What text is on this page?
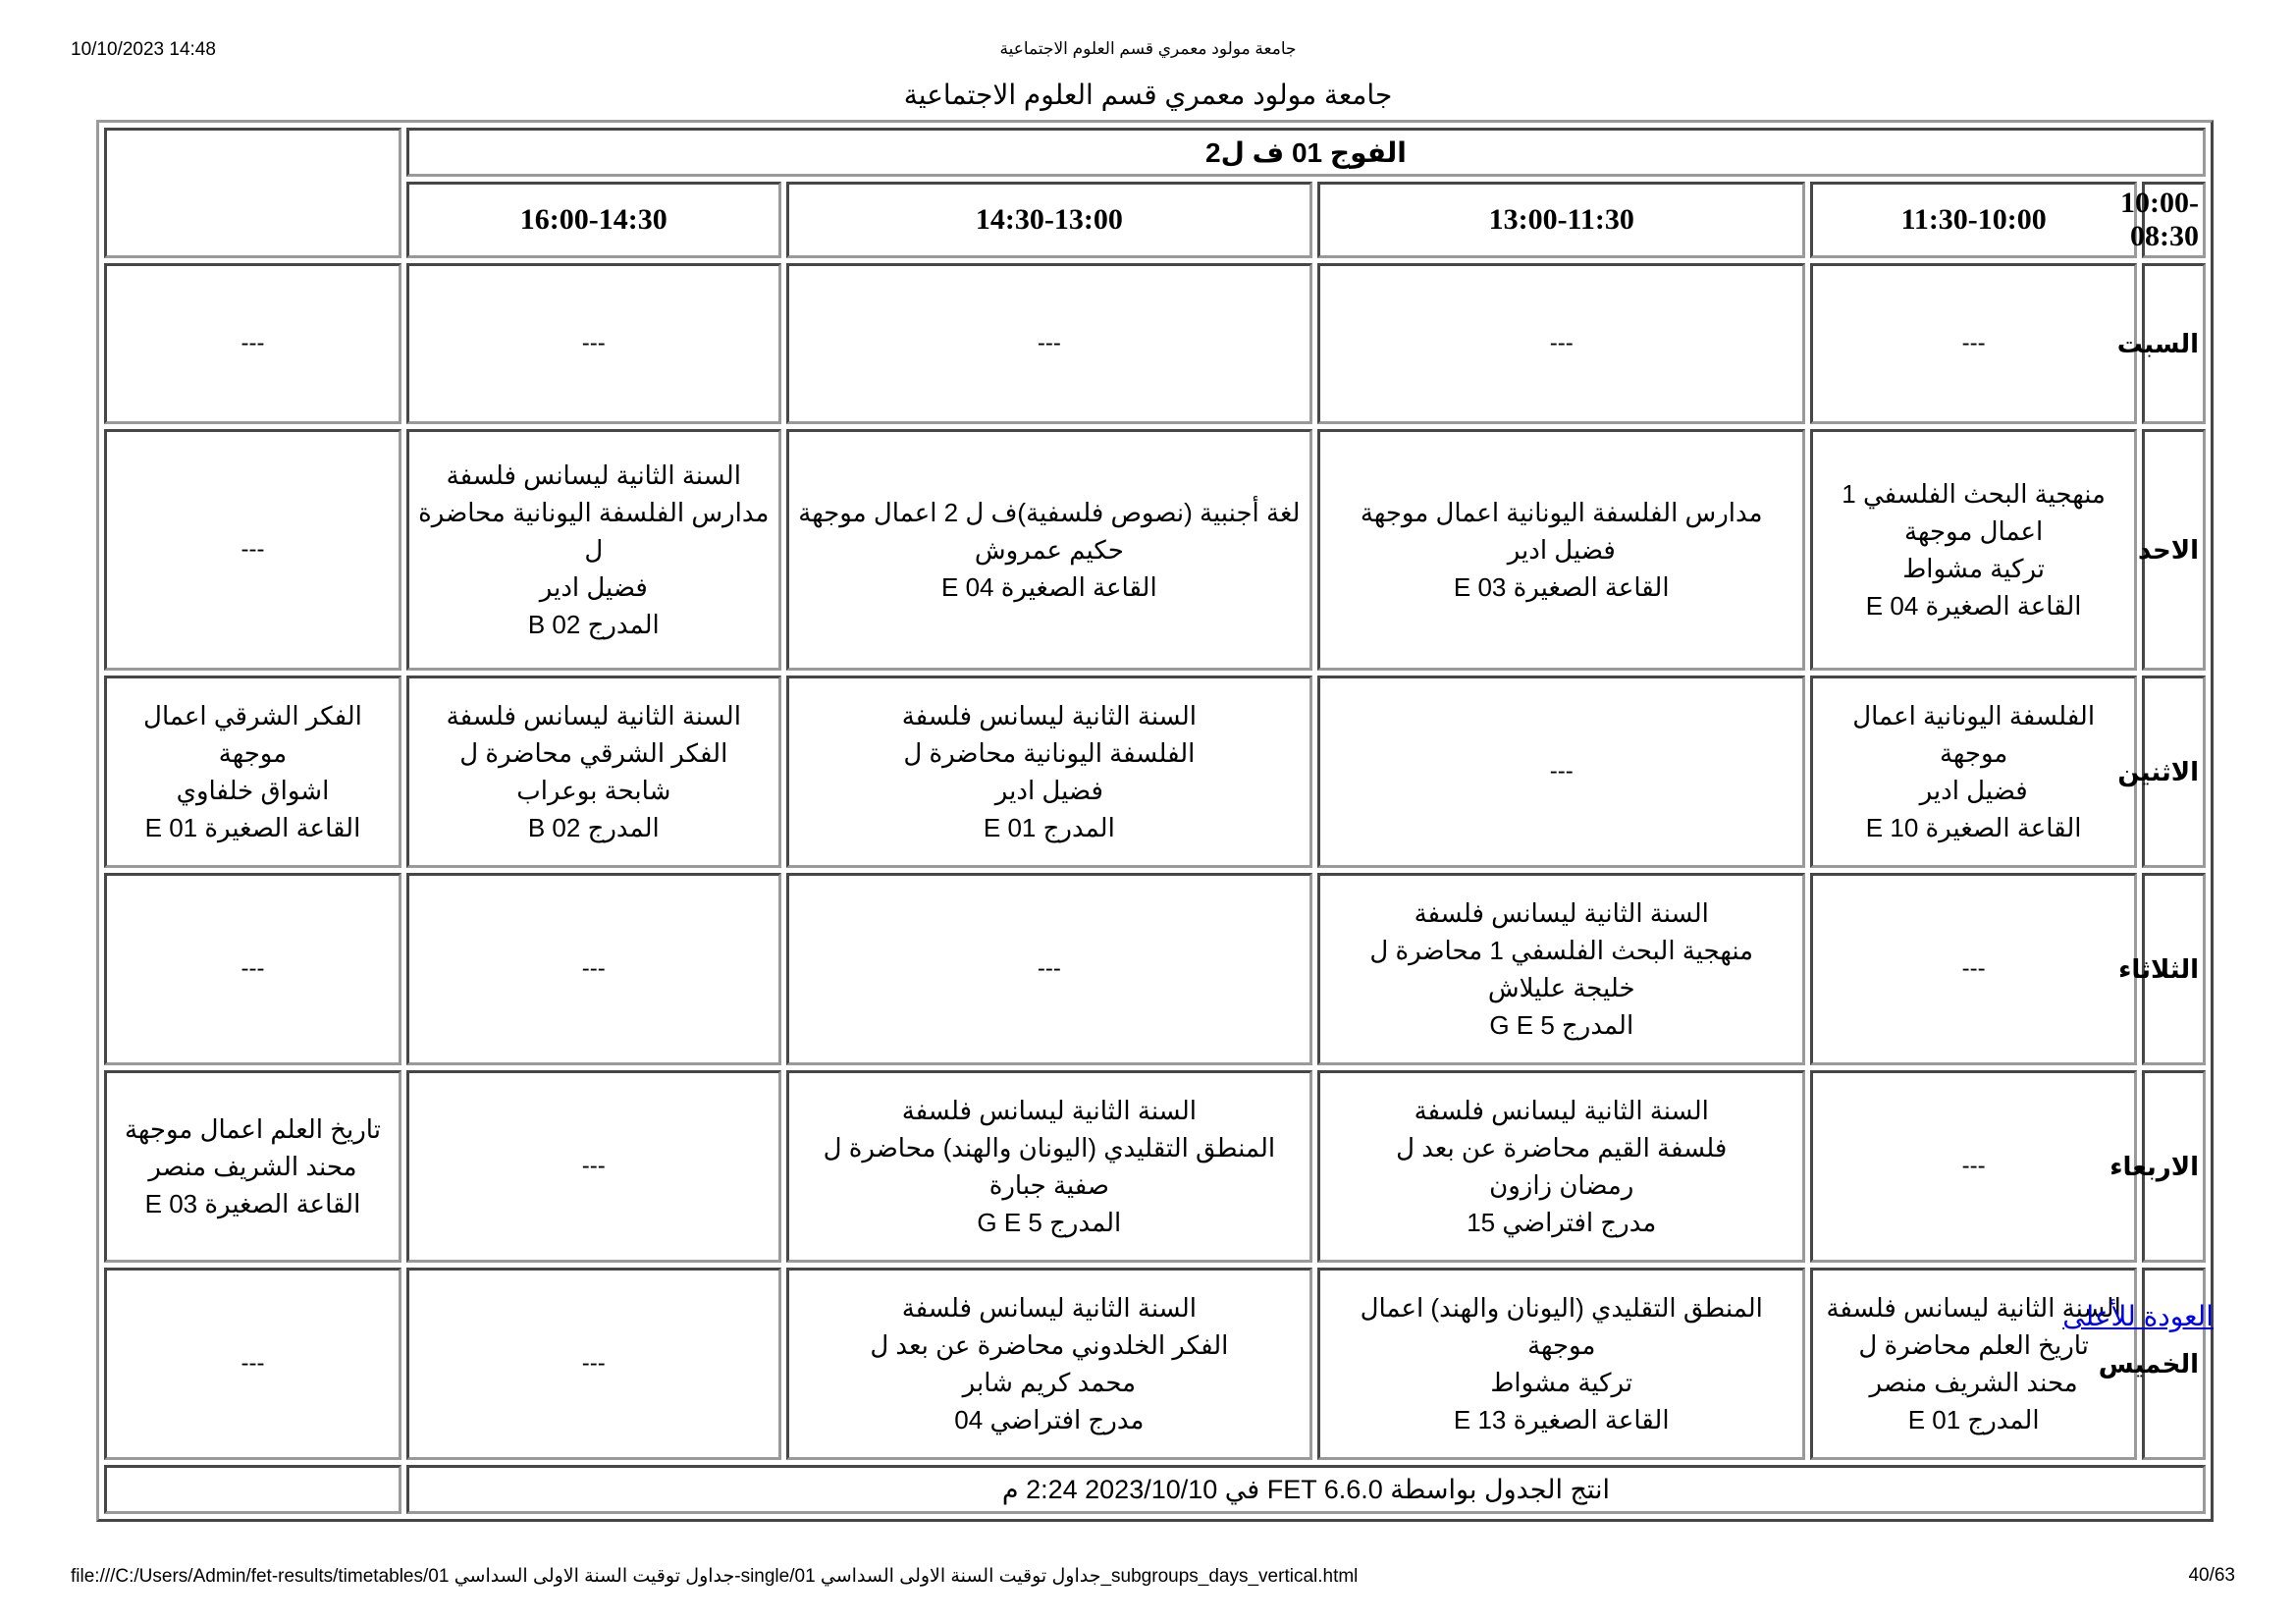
10/10/2023 14:48	جامعة مولود معمري قسم العلوم الاجتماعية
جامعة مولود معمري قسم العلوم الاجتماعية
الفوج 01 ف ل2					
10:00-08:30	11:30-10:00	13:00-11:30	14:30-13:00	16:00-14:30	
السبت	---	---	---	---	---
الاحد	منهجية البحث الفلسفي 1 اعمال موجهة
تركية مشواط
القاعة الصغيرة E 04	مدارس الفلسفة اليونانية اعمال موجهة
فضيل ادير
القاعة الصغيرة E 03	لغة أجنبية (نصوص فلسفية)ف ل 2 اعمال موجهة
حكيم عمروش
القاعة الصغيرة E 04	السنة الثانية ليسانس فلسفة
مدارس الفلسفة اليونانية محاضرة ل
فضيل ادير
المدرج B 02	---
الاثنين	الفلسفة اليونانية اعمال موجهة
فضيل ادير
القاعة الصغيرة E 10	---	السنة الثانية ليسانس فلسفة
الفلسفة اليونانية محاضرة ل
فضيل ادير
المدرج E 01	السنة الثانية ليسانس فلسفة
الفكر الشرقي محاضرة ل
شابحة بوعراب
المدرج B 02	الفكر الشرقي اعمال موجهة
اشواق خلفاوي
القاعة الصغيرة E 01

الثلاثاء	---	السنة الثانية ليسانس فلسفة
منهجية البحث الفلسفي 1 محاضرة ل
خليجة عليلاش
المدرج G E 5	---	---	---
الاربعاء	---	السنة الثانية ليسانس فلسفة
فلسفة القيم محاضرة عن بعد ل
رمضان زازون
مدرج افتراضي 15	السنة الثانية ليسانس فلسفة
المنطق التقليدي (اليونان والهند) محاضرة ل
صفية جبارة
المدرج G E 5	---	تاريخ العلم اعمال موجهة
محند الشريف منصر
القاعة الصغيرة E 03

الخميس	السنة الثانية ليسانس فلسفة
تاريخ العلم محاضرة ل
محند الشريف منصر
المدرج E 01	المنطق التقليدي (اليونان والهند) اعمال موجهة
تركية مشواط
القاعة الصغيرة E 13	السنة الثانية ليسانس فلسفة
الفكر الخلدوني محاضرة عن بعد ل
محمد كريم شابر
مدرج افتراضي 04	---	---
انتج الجدول بواسطة FET 6.6.0 في 2023/10/10 2:24 م					
العودة للأعلى
file:///C:/Users/Admin/fet-results/timetables/01 جداول توقيت السنة الاولى السداسي-single/01 جداول توقيت السنة الاولى السداسي_subgroups_days_vertical.html	40/63
